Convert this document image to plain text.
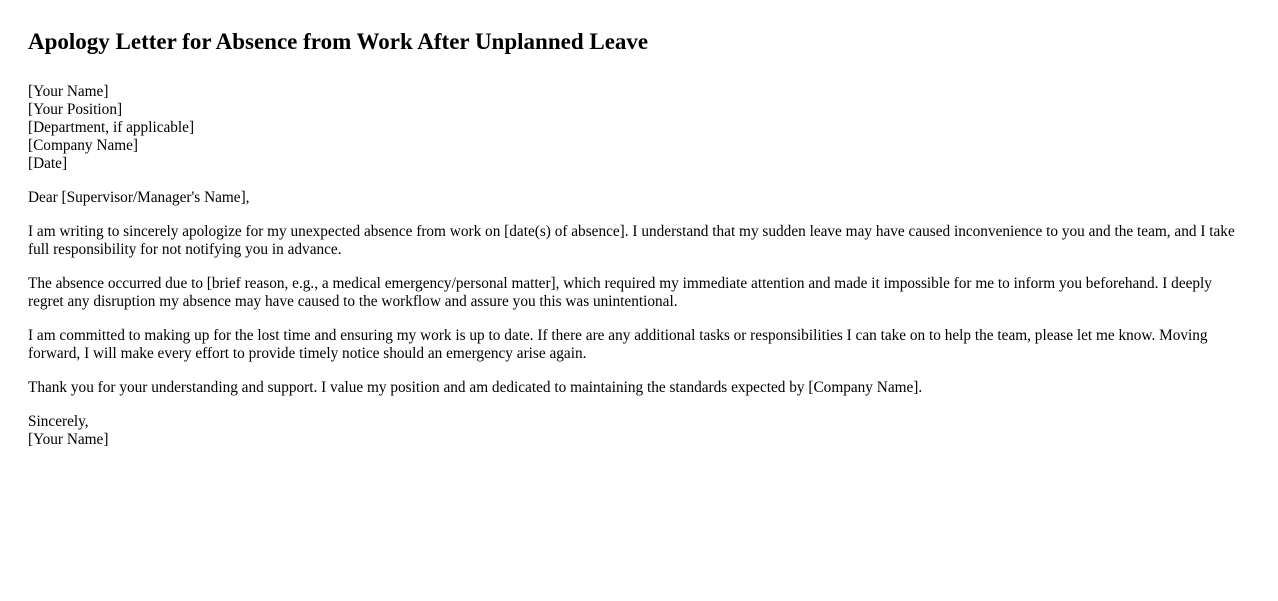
Apology Letter for Absence from Work After Unplanned Leave
[Your Name]
[Your Position]
[Department, if applicable]
[Company Name]
[Date]

Dear [Supervisor/Manager's Name],

I am writing to sincerely apologize for my unexpected absence from work on [date(s) of absence]. I understand that my sudden leave may have caused inconvenience to you and the team, and I take full responsibility for not notifying you in advance.

The absence occurred due to [brief reason, e.g., a medical emergency/personal matter], which required my immediate attention and made it impossible for me to inform you beforehand. I deeply regret any disruption my absence may have caused to the workflow and assure you this was unintentional.

I am committed to making up for the lost time and ensuring my work is up to date. If there are any additional tasks or responsibilities I can take on to help the team, please let me know. Moving forward, I will make every effort to provide timely notice should an emergency arise again.

Thank you for your understanding and support. I value my position and am dedicated to maintaining the standards expected by [Company Name].

Sincerely,
[Your Name]
